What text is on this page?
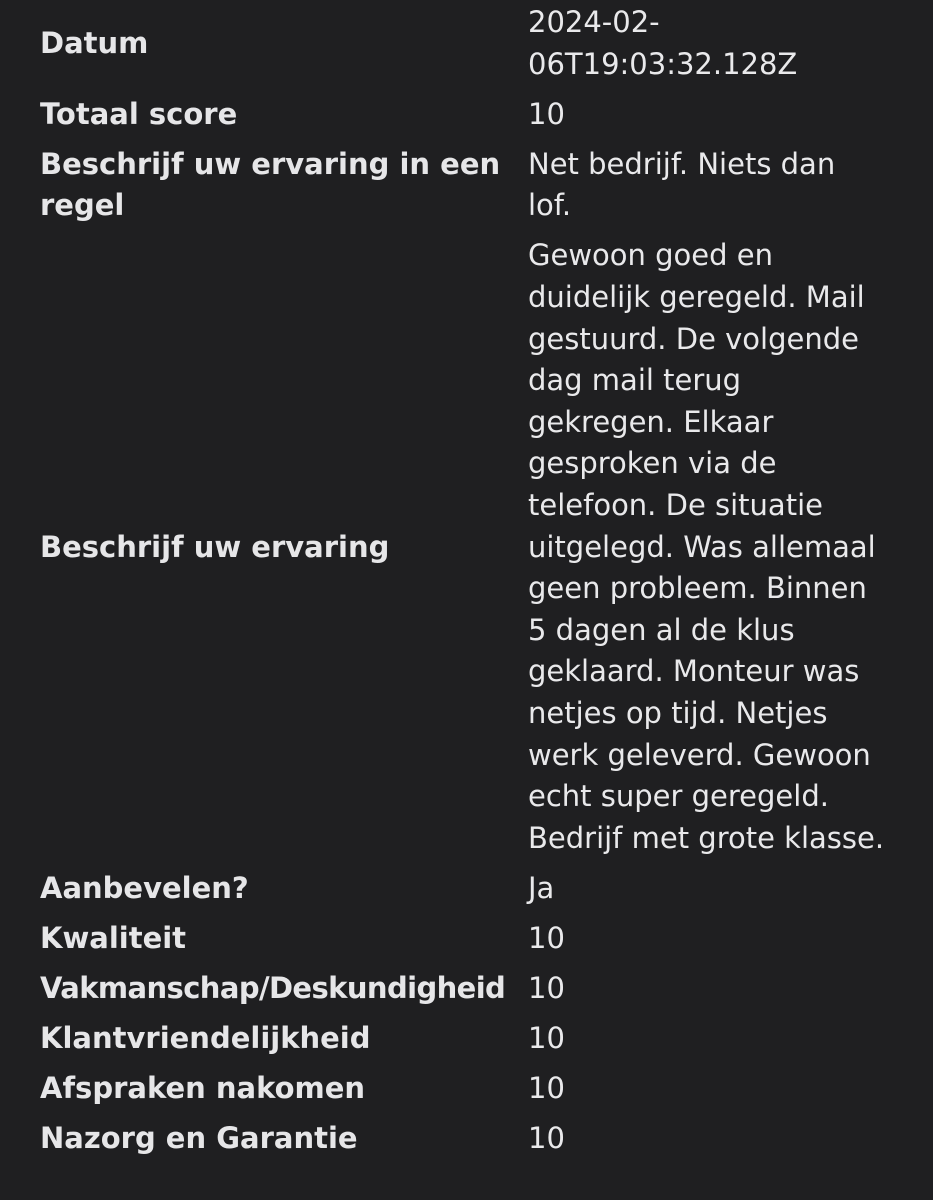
Datum	2024-02-06T19:03:32.128Z

Totaal score	10

Beschrijf uw ervaring in een regel	Net bedrijf. Niets dan lof.

Beschrijf uw ervaring	Gewoon goed en duidelijk geregeld. Mail gestuurd. De volgende dag mail terug gekregen. Elkaar gesproken via de telefoon. De situatie uitgelegd. Was allemaal geen probleem. Binnen 5 dagen al de klus geklaard. Monteur was netjes op tijd. Netjes werk geleverd. Gewoon echt super geregeld. Bedrijf met grote klasse.

Aanbevelen?	Ja

Kwaliteit	10

Vakmanschap/Deskundigheid	10

Klantvriendelijkheid	10

Afspraken nakomen	10

Nazorg en Garantie	10
